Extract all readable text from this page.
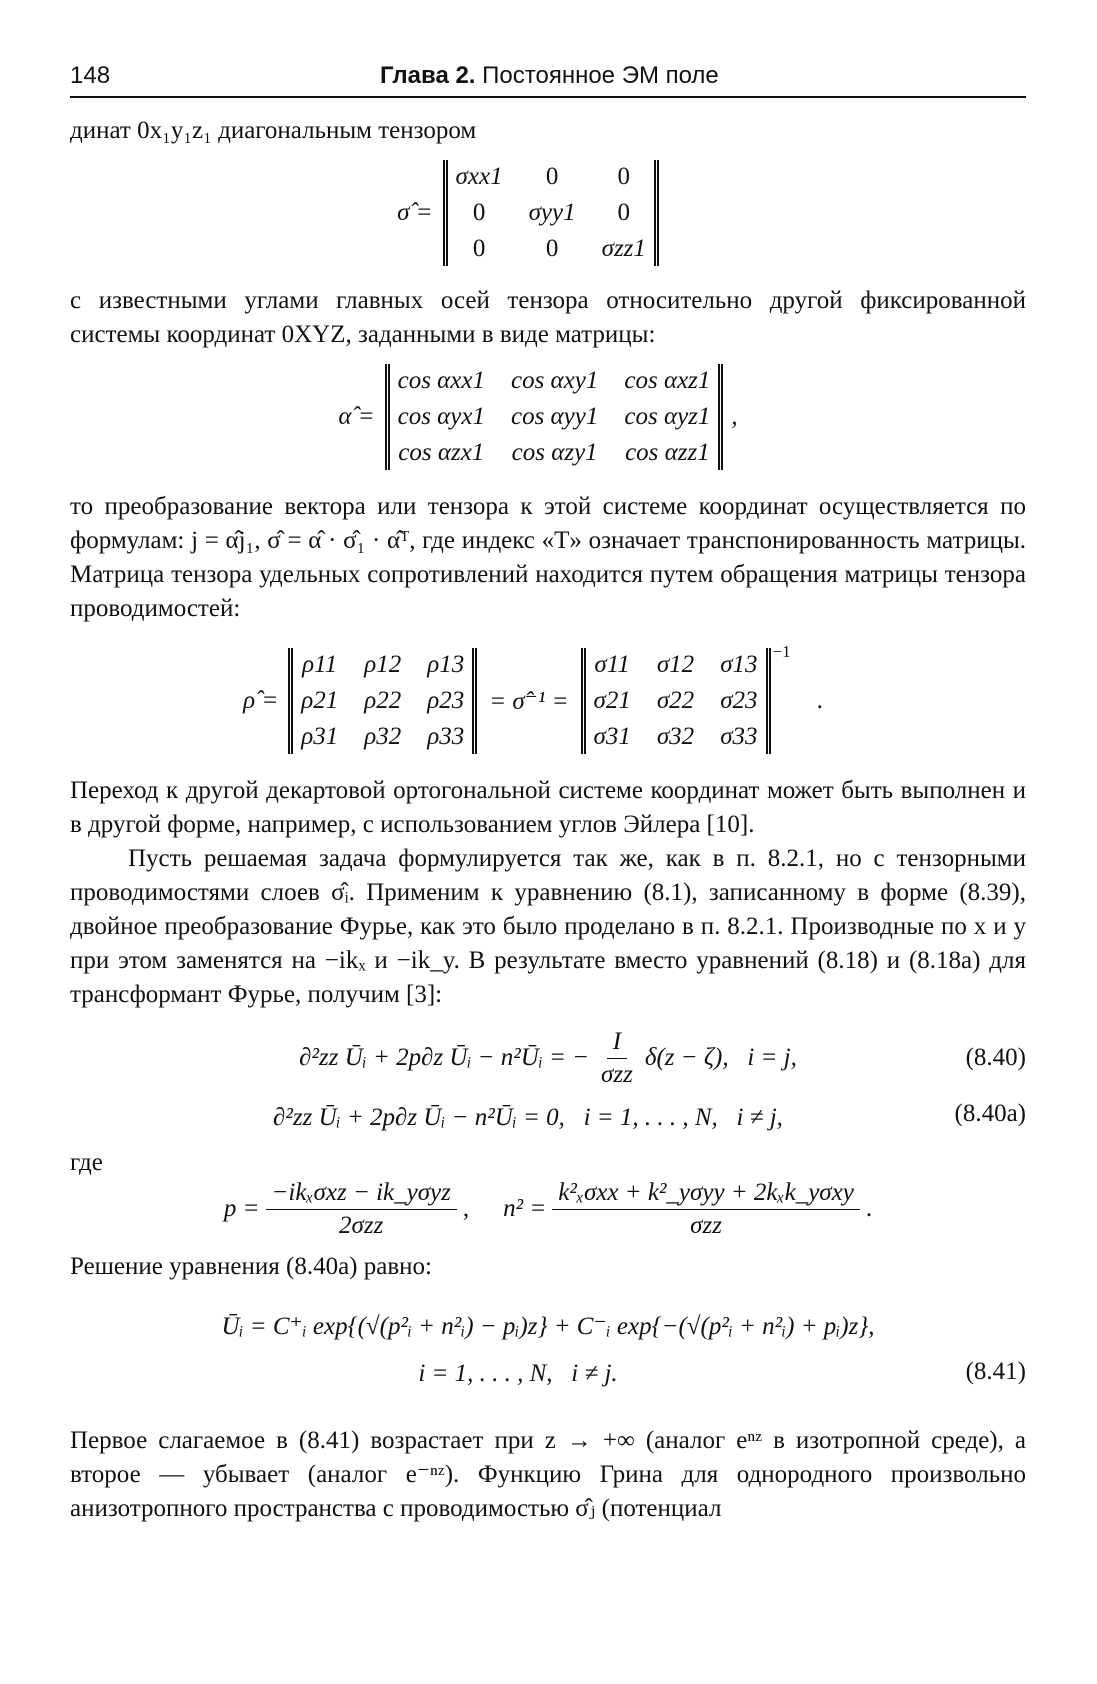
148	Глава 2. Постоянное ЭМ поле

динат 0x₁y₁z₁ диагональным тензором

σ̂ =
σxx1	0	0
0	σyy1	0
0	0	σzz1

с известными углами главных осей тензора относительно другой фиксированной системы координат 0XYZ, заданными в виде матрицы:

α̂ =
cos αxx1 cos αxy1 cos αxz1
cos αyx1 cos αyy1 cos αyz1
cos αzx1 cos αzy1 cos αzz1
,

то преобразование вектора или тензора к этой системе координат осуществляется по формулам: j = α̂j₁, σ̂ = α̂ · σ̂₁ · α̂ᵀ, где индекс «T» означает транспонированность матрицы. Матрица тензора удельных сопротивлений находится путем обращения матрицы тензора проводимостей:

ρ̂ =
ρ11 ρ12 ρ13
ρ21 ρ22 ρ23
ρ31 ρ32 ρ33
= σ̂⁻¹ =
σ11 σ12 σ13
σ21 σ22 σ23
σ31 σ32 σ33
−1
.

Переход к другой декартовой ортогональной системе координат может быть выполнен и в другой форме, например, с использованием углов Эйлера [10].

Пусть решаемая задача формулируется так же, как в п. 8.2.1, но с тензорными проводимостями слоев σ̂ᵢ. Применим к уравнению (8.1), записанному в форме (8.39), двойное преобразование Фурье, как это было проделано в п. 8.2.1. Производные по x и y при этом заменятся на −ikₓ и −ik_y. В результате вместо уравнений (8.18) и (8.18a) для трансформант Фурье, получим [3]:

∂²zz Ūᵢ + 2p∂z Ūᵢ − n²Ūᵢ = − $\frac{I}{\text{σzz}} \delta(z - \zeta)$,   i = j,	(8.40)
∂²zz Ūᵢ + 2p∂z Ūᵢ − n²Ūᵢ = 0,   i = 1, . . . , N,   i ≠ j,	(8.40a)

где

$p = \frac{\text{−ikₓσxz − ik\_yσyz}}{\text{2σzz}}$ , $n^2 = \frac{\text{k²ₓσxx + k²\_yσyy + 2kₓk\_yσxy}}{\text{σzz}}$ .

Решение уравнения (8.40a) равно:

Ūᵢ = C⁺ᵢ exp{(√(p²ᵢ + n²ᵢ) − pᵢ)z} + C⁻ᵢ exp{−(√(p²ᵢ + n²ᵢ) + pᵢ)z},
i = 1, . . . , N,   i ≠ j.	(8.41)

Первое слагаемое в (8.41) возрастает при z → +∞ (аналог eⁿᶻ в изотропной среде), а второе — убывает (аналог e⁻ⁿᶻ). Функцию Грина для однородного произвольно анизотропного пространства с проводимостью σ̂ⱼ (потенциал
